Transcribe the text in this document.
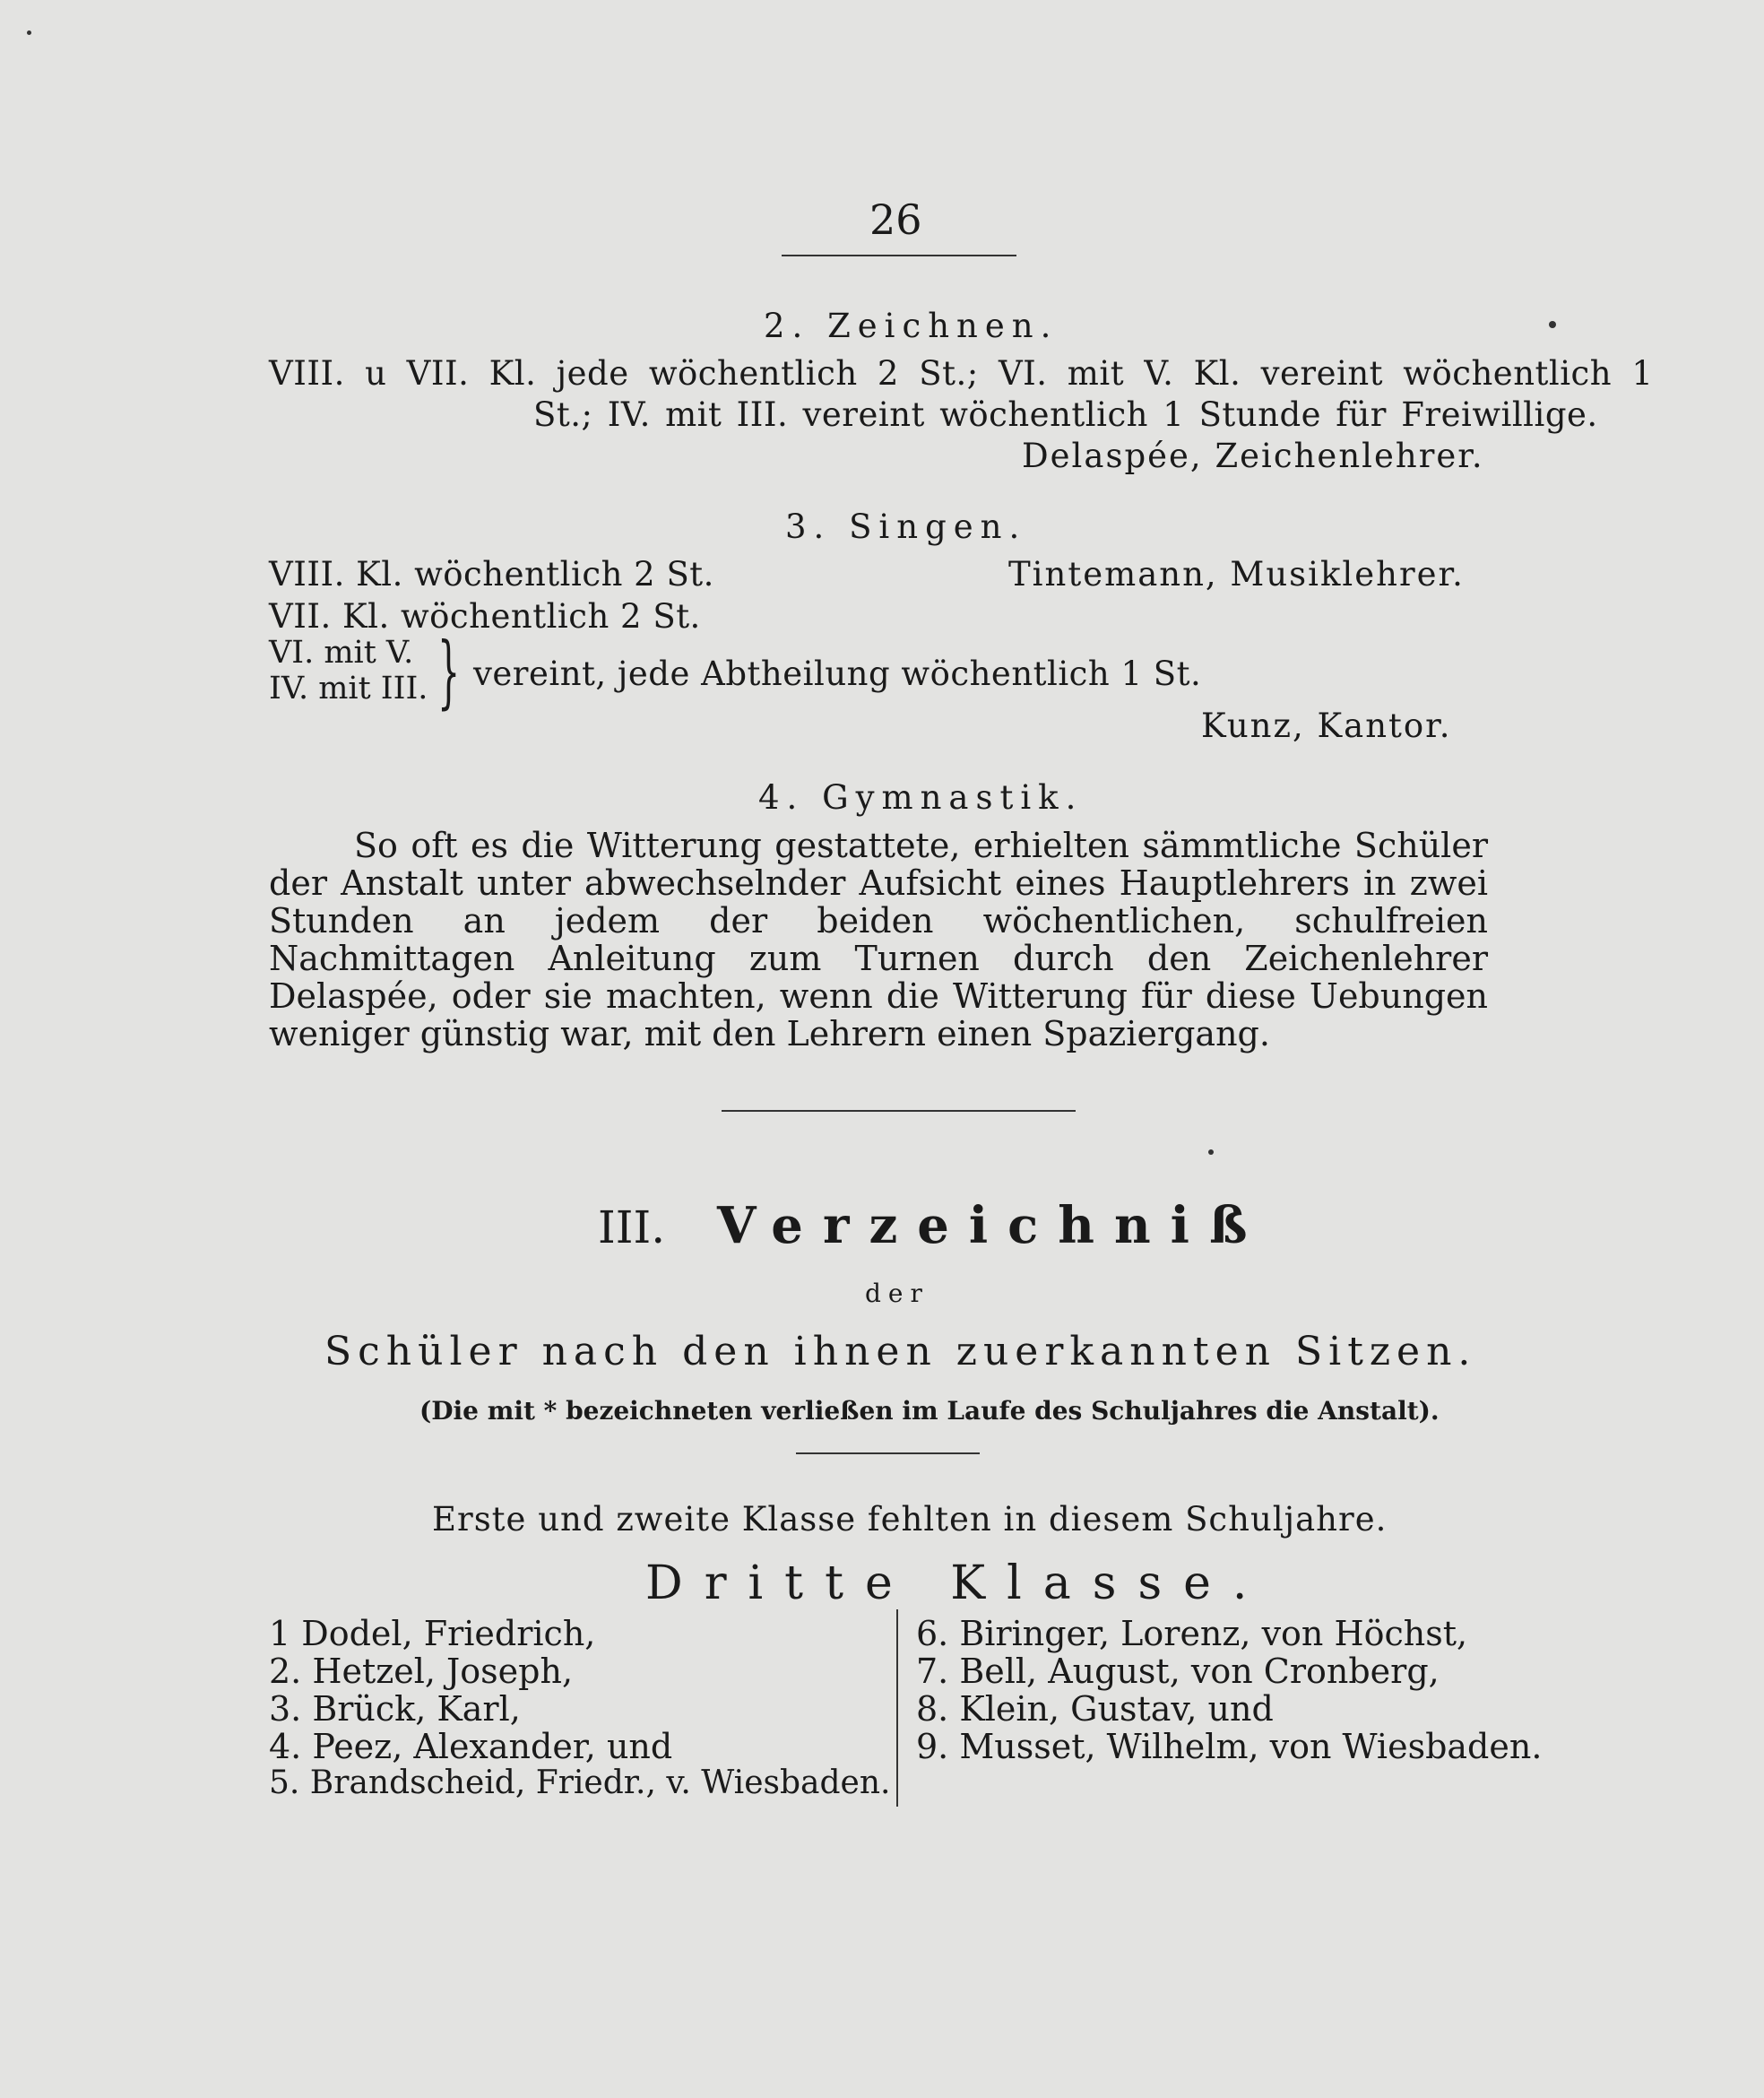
26
2. Zeichnen.
VIII. u VII. Kl. jede wöchentlich 2 St.; VI. mit V. Kl. vereint wöchentlich 1
St.; IV. mit III. vereint wöchentlich 1 Stunde für Freiwillige.
Delaspée, Zeichenlehrer.
3. Singen.
VIII. Kl. wöchentlich 2 St.	Tintemann, Musiklehrer.
VII. Kl. wöchentlich 2 St.
VI. mit V.
IV. mit III. } vereint, jede Abtheilung wöchentlich 1 St.
Kunz, Kantor.
4. Gymnastik.
So oft es die Witterung gestattete, erhielten sämmtliche Schüler der Anstalt unter abwechselnder Aufsicht eines Hauptlehrers in zwei Stunden an jedem der beiden wöchentlichen, schulfreien Nachmittagen Anleitung zum Turnen durch den Zeichenlehrer Delaspée, oder sie machten, wenn die Witterung für diese Uebungen weniger günstig war, mit den Lehrern einen Spaziergang.
III. Verzeichniß
der
Schüler nach den ihnen zuerkannten Sitzen.
(Die mit * bezeichneten verließen im Laufe des Schuljahres die Anstalt).
Erste und zweite Klasse fehlten in diesem Schuljahre.
Dritte Klasse.
1 Dodel, Friedrich,
2. Hetzel, Joseph,
3. Brück, Karl,
4. Peez, Alexander, und
5. Brandscheid, Friedr., v. Wiesbaden.
6. Biringer, Lorenz, von Höchst,
7. Bell, August, von Cronberg,
8. Klein, Gustav, und
9. Musset, Wilhelm, von Wiesbaden.
